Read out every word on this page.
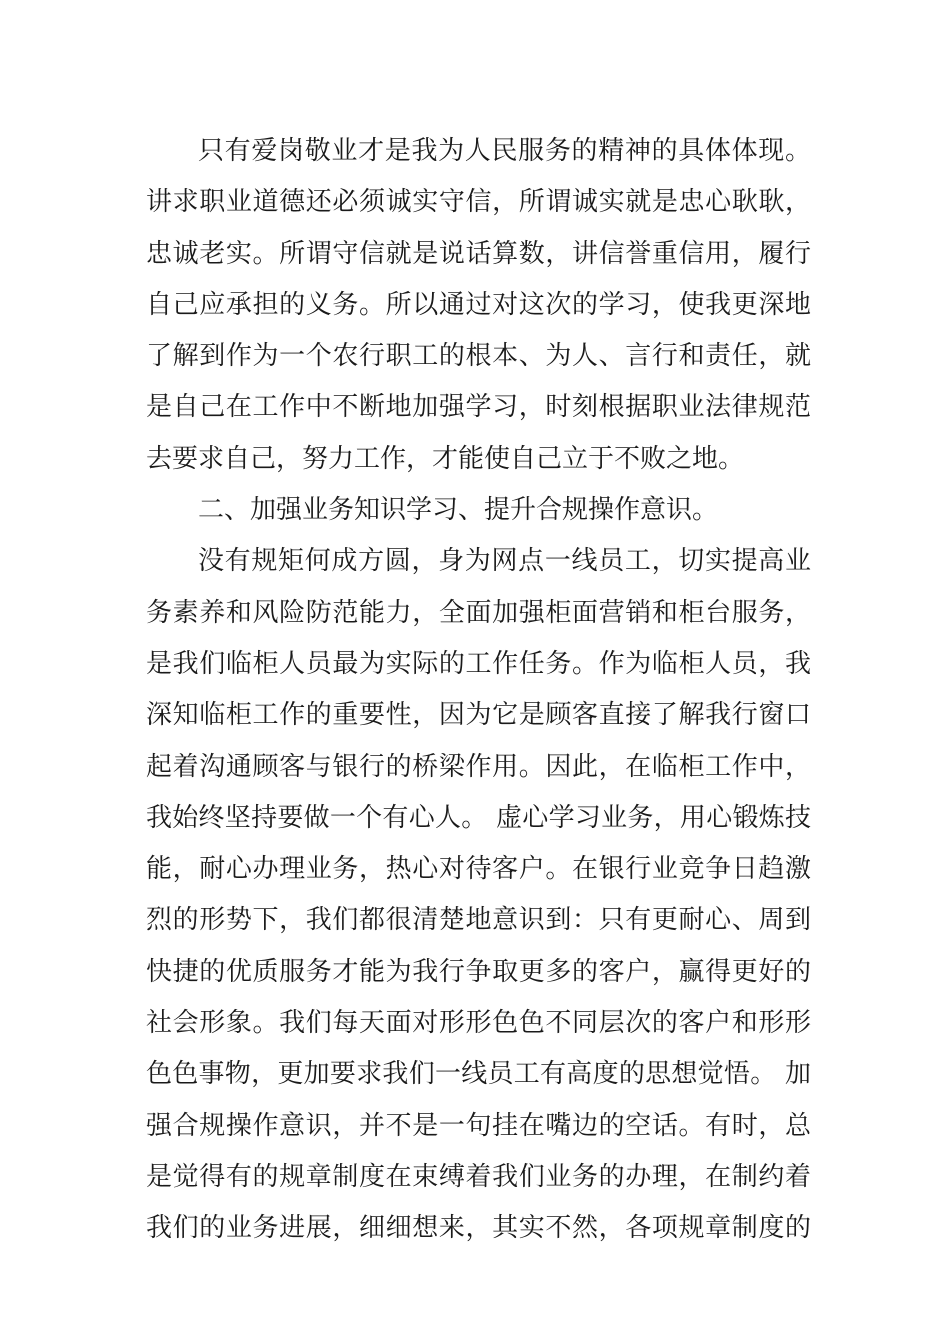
只有爱岗敬业才是我为人民服务的精神的具体体现。
讲求职业道德还必须诚实守信，所谓诚实就是忠心耿耿，
忠诚老实。所谓守信就是说话算数，讲信誉重信用，履行
自己应承担的义务。所以通过对这次的学习，使我更深地
了解到作为一个农行职工的根本、为人、言行和责任，就
是自己在工作中不断地加强学习，时刻根据职业法律规范
去要求自己，努力工作，才能使自己立于不败之地。
二、加强业务知识学习、提升合规操作意识。
没有规矩何成方圆，身为网点一线员工，切实提高业
务素养和风险防范能力，全面加强柜面营销和柜台服务，
是我们临柜人员最为实际的工作任务。作为临柜人员，我
深知临柜工作的重要性，因为它是顾客直接了解我行窗口
起着沟通顾客与银行的桥梁作用。因此，在临柜工作中，
我始终坚持要做一个有心人。 虚心学习业务，用心锻炼技
能，耐心办理业务，热心对待客户。在银行业竞争日趋激
烈的形势下，我们都很清楚地意识到：只有更耐心、周到
快捷的优质服务才能为我行争取更多的客户，赢得更好的
社会形象。我们每天面对形形色色不同层次的客户和形形
色色事物，更加要求我们一线员工有高度的思想觉悟。 加
强合规操作意识，并不是一句挂在嘴边的空话。有时，总
是觉得有的规章制度在束缚着我们业务的办理，在制约着
我们的业务进展，细细想来，其实不然，各项规章制度的
